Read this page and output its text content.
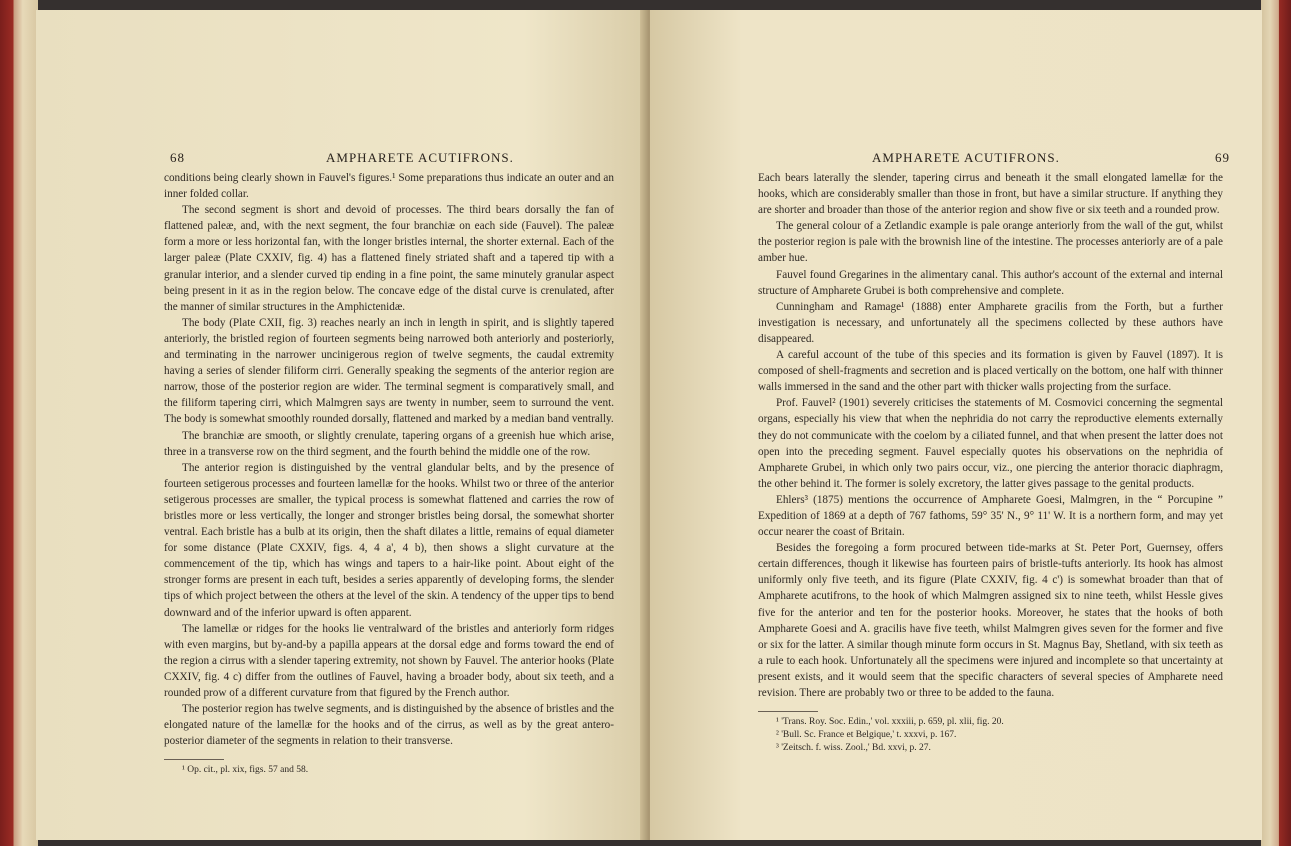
68	AMPHARETE ACUTIFRONS.

conditions being clearly shown in Fauvel's figures.¹ Some preparations thus indicate an outer and an inner folded collar.

The second segment is short and devoid of processes. The third bears dorsally the fan of flattened paleæ, and, with the next segment, the four branchiæ on each side (Fauvel). The paleæ form a more or less horizontal fan, with the longer bristles internal, the shorter external. Each of the larger paleæ (Plate CXXIV, fig. 4) has a flattened finely striated shaft and a tapered tip with a granular interior, and a slender curved tip ending in a fine point, the same minutely granular aspect being present in it as in the region below. The concave edge of the distal curve is crenulated, after the manner of similar structures in the Amphictenidæ.

The body (Plate CXII, fig. 3) reaches nearly an inch in length in spirit, and is slightly tapered anteriorly, the bristled region of fourteen segments being narrowed both anteriorly and posteriorly, and terminating in the narrower uncinigerous region of twelve segments, the caudal extremity having a series of slender filiform cirri. Generally speaking the segments of the anterior region are narrow, those of the posterior region are wider. The terminal segment is comparatively small, and the filiform tapering cirri, which Malmgren says are twenty in number, seem to surround the vent. The body is somewhat smoothly rounded dorsally, flattened and marked by a median band ventrally.

The branchiæ are smooth, or slightly crenulate, tapering organs of a greenish hue which arise, three in a transverse row on the third segment, and the fourth behind the middle one of the row.

The anterior region is distinguished by the ventral glandular belts, and by the presence of fourteen setigerous processes and fourteen lamellæ for the hooks. Whilst two or three of the anterior setigerous processes are smaller, the typical process is somewhat flattened and carries the row of bristles more or less vertically, the longer and stronger bristles being dorsal, the somewhat shorter ventral. Each bristle has a bulb at its origin, then the shaft dilates a little, remains of equal diameter for some distance (Plate CXXIV, figs. 4, 4 a', 4 b), then shows a slight curvature at the commencement of the tip, which has wings and tapers to a hair-like point. About eight of the stronger forms are present in each tuft, besides a series apparently of developing forms, the slender tips of which project between the others at the level of the skin. A tendency of the upper tips to bend downward and of the inferior upward is often apparent.

The lamellæ or ridges for the hooks lie ventralward of the bristles and anteriorly form ridges with even margins, but by-and-by a papilla appears at the dorsal edge and forms toward the end of the region a cirrus with a slender tapering extremity, not shown by Fauvel. The anterior hooks (Plate CXXIV, fig. 4 c) differ from the outlines of Fauvel, having a broader body, about six teeth, and a rounded prow of a different curvature from that figured by the French author.

The posterior region has twelve segments, and is distinguished by the absence of bristles and the elongated nature of the lamellæ for the hooks and of the cirrus, as well as by the great antero-posterior diameter of the segments in relation to their transverse.

¹ Op. cit., pl. xix, figs. 57 and 58.
AMPHARETE ACUTIFRONS.	69

Each bears laterally the slender, tapering cirrus and beneath it the small elongated lamellæ for the hooks, which are considerably smaller than those in front, but have a similar structure. If anything they are shorter and broader than those of the anterior region and show five or six teeth and a rounded prow.

The general colour of a Zetlandic example is pale orange anteriorly from the wall of the gut, whilst the posterior region is pale with the brownish line of the intestine. The processes anteriorly are of a pale amber hue.

Fauvel found Gregarines in the alimentary canal. This author's account of the external and internal structure of Ampharete Grubei is both comprehensive and complete.

Cunningham and Ramage¹ (1888) enter Ampharete gracilis from the Forth, but a further investigation is necessary, and unfortunately all the specimens collected by these authors have disappeared.

A careful account of the tube of this species and its formation is given by Fauvel (1897). It is composed of shell-fragments and secretion and is placed vertically on the bottom, one half with thinner walls immersed in the sand and the other part with thicker walls projecting from the surface.

Prof. Fauvel² (1901) severely criticises the statements of M. Cosmovici concerning the segmental organs, especially his view that when the nephridia do not carry the reproductive elements externally they do not communicate with the coelom by a ciliated funnel, and that when present the latter does not open into the preceding segment. Fauvel especially quotes his observations on the nephridia of Ampharete Grubei, in which only two pairs occur, viz., one piercing the anterior thoracic diaphragm, the other behind it. The former is solely excretory, the latter gives passage to the genital products.

Ehlers³ (1875) mentions the occurrence of Ampharete Goesi, Malmgren, in the “ Porcupine ” Expedition of 1869 at a depth of 767 fathoms, 59° 35' N., 9° 11' W. It is a northern form, and may yet occur nearer the coast of Britain.

Besides the foregoing a form procured between tide-marks at St. Peter Port, Guernsey, offers certain differences, though it likewise has fourteen pairs of bristle-tufts anteriorly. Its hook has almost uniformly only five teeth, and its figure (Plate CXXIV, fig. 4 c') is somewhat broader than that of Ampharete acutifrons, to the hook of which Malmgren assigned six to nine teeth, whilst Hessle gives five for the anterior and ten for the posterior hooks. Moreover, he states that the hooks of both Ampharete Goesi and A. gracilis have five teeth, whilst Malmgren gives seven for the former and five or six for the latter. A similar though minute form occurs in St. Magnus Bay, Shetland, with six teeth as a rule to each hook. Unfortunately all the specimens were injured and incomplete so that uncertainty at present exists, and it would seem that the specific characters of several species of Ampharete need revision. There are probably two or three to be added to the fauna.

¹ 'Trans. Roy. Soc. Edin.,' vol. xxxiii, p. 659, pl. xlii, fig. 20.
² 'Bull. Sc. France et Belgique,' t. xxxvi, p. 167.
³ 'Zeitsch. f. wiss. Zool.,' Bd. xxvi, p. 27.
